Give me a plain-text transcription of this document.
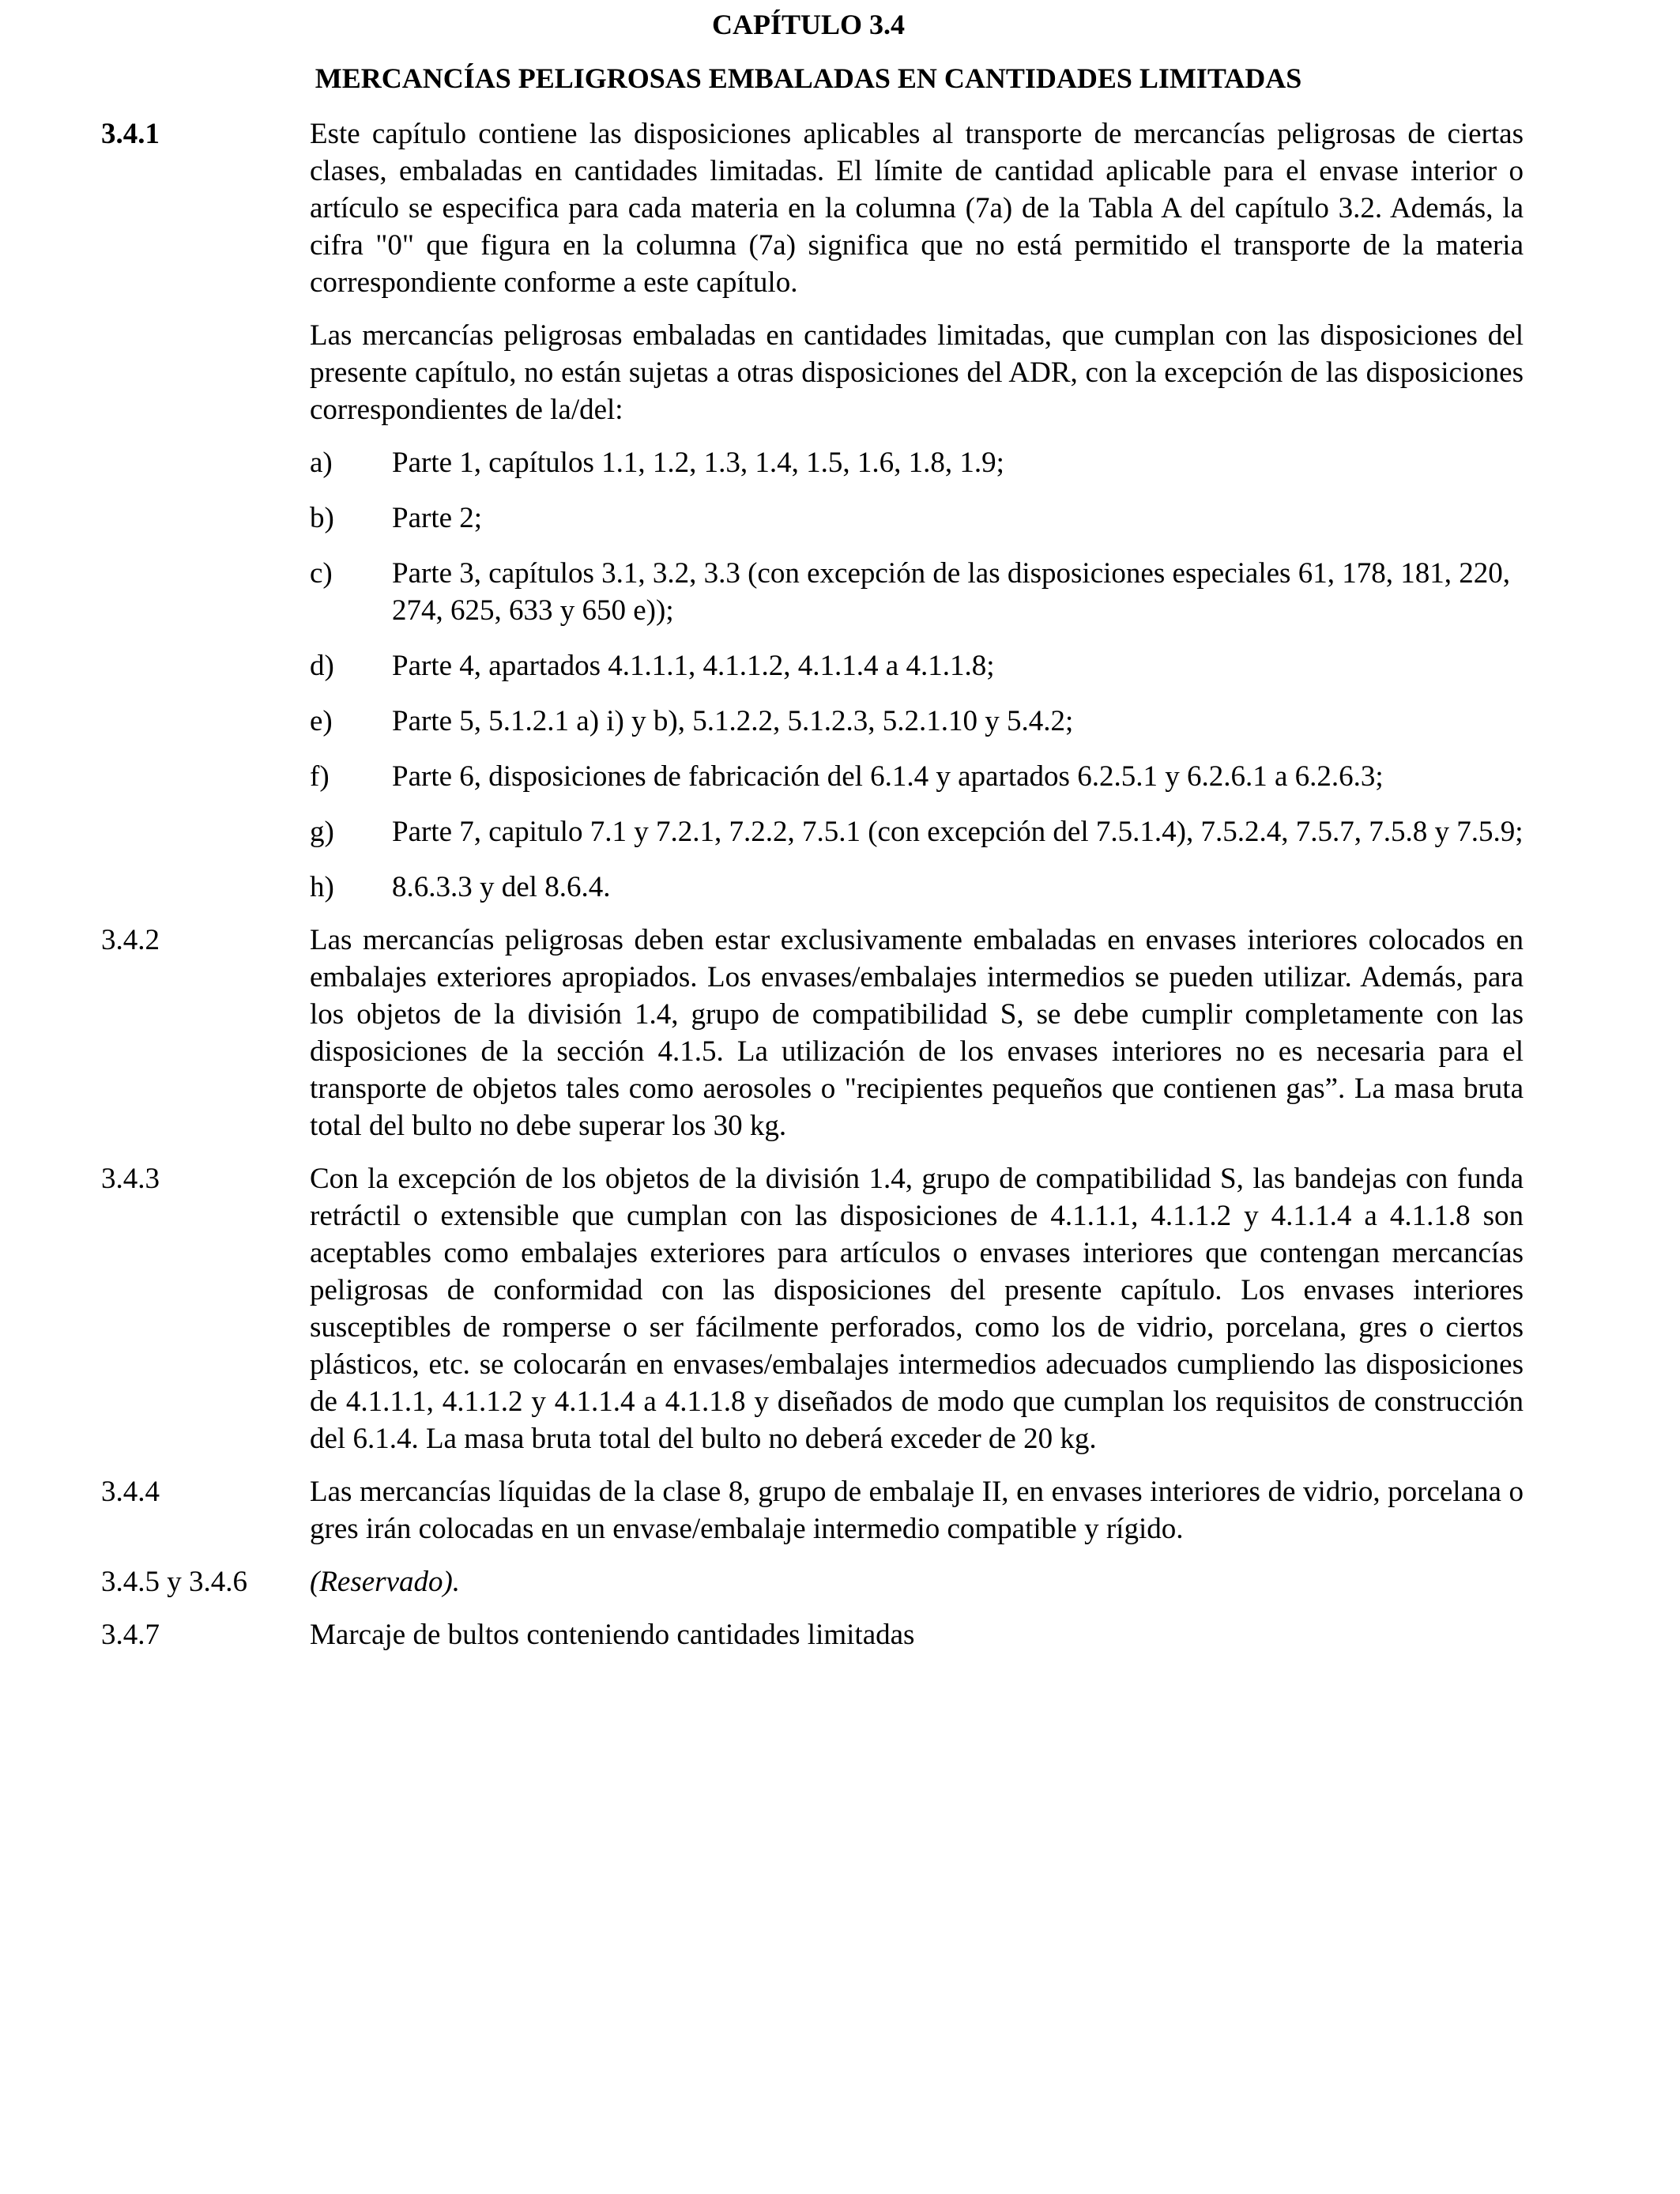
CAPÍTULO 3.4
MERCANCÍAS PELIGROSAS EMBALADAS EN CANTIDADES LIMITADAS
3.4.1	Este capítulo contiene las disposiciones aplicables al transporte de mercancías peligrosas de ciertas clases, embaladas en cantidades limitadas. El límite de cantidad aplicable para el envase interior o artículo se especifica para cada materia en la columna (7a) de la Tabla A del capítulo 3.2. Además, la cifra "0" que figura en la columna (7a) significa que no está permitido el transporte de la materia correspondiente conforme a este capítulo.

Las mercancías peligrosas embaladas en cantidades limitadas, que cumplan con las disposiciones del presente capítulo, no están sujetas a otras disposiciones del ADR, con la excepción de las disposiciones correspondientes de la/del:

a)	Parte 1, capítulos 1.1, 1.2, 1.3, 1.4, 1.5, 1.6, 1.8, 1.9;
b)	Parte 2;
c)	Parte 3, capítulos 3.1, 3.2, 3.3 (con excepción de las disposiciones especiales 61, 178, 181, 220, 274, 625, 633 y 650 e));
d)	Parte 4, apartados 4.1.1.1, 4.1.1.2, 4.1.1.4 a 4.1.1.8;
e)	Parte 5, 5.1.2.1 a) i) y b), 5.1.2.2, 5.1.2.3, 5.2.1.10 y 5.4.2;
f)	Parte 6, disposiciones de fabricación del 6.1.4 y apartados 6.2.5.1 y 6.2.6.1 a 6.2.6.3;
g)	Parte 7, capitulo 7.1 y 7.2.1, 7.2.2, 7.5.1 (con excepción del 7.5.1.4), 7.5.2.4, 7.5.7, 7.5.8 y 7.5.9;
h)	8.6.3.3 y del 8.6.4.
3.4.2	Las mercancías peligrosas deben estar exclusivamente embaladas en envases interiores colocados en embalajes exteriores apropiados. Los envases/embalajes intermedios se pueden utilizar. Además, para los objetos de la división 1.4, grupo de compatibilidad S, se debe cumplir completamente con las disposiciones de la sección 4.1.5. La utilización de los envases interiores no es necesaria para el transporte de objetos tales como aerosoles o "recipientes pequeños que contienen gas”. La masa bruta total del bulto no debe superar los 30 kg.

3.4.3	Con la excepción de los objetos de la división 1.4, grupo de compatibilidad S, las bandejas con funda retráctil o extensible que cumplan con las disposiciones de 4.1.1.1, 4.1.1.2 y 4.1.1.4 a 4.1.1.8 son aceptables como embalajes exteriores para artículos o envases interiores que contengan mercancías peligrosas de conformidad con las disposiciones del presente capítulo. Los envases interiores susceptibles de romperse o ser fácilmente perforados, como los de vidrio, porcelana, gres o ciertos plásticos, etc. se colocarán en envases/embalajes intermedios adecuados cumpliendo las disposiciones de 4.1.1.1, 4.1.1.2 y 4.1.1.4 a 4.1.1.8 y diseñados de modo que cumplan los requisitos de construcción del 6.1.4. La masa bruta total del bulto no deberá exceder de 20 kg.

3.4.4	Las mercancías líquidas de la clase 8, grupo de embalaje II, en envases interiores de vidrio, porcelana o gres irán colocadas en un envase/embalaje intermedio compatible y rígido.

3.4.5 y 3.4.6	(Reservado).

3.4.7	Marcaje de bultos conteniendo cantidades limitadas
